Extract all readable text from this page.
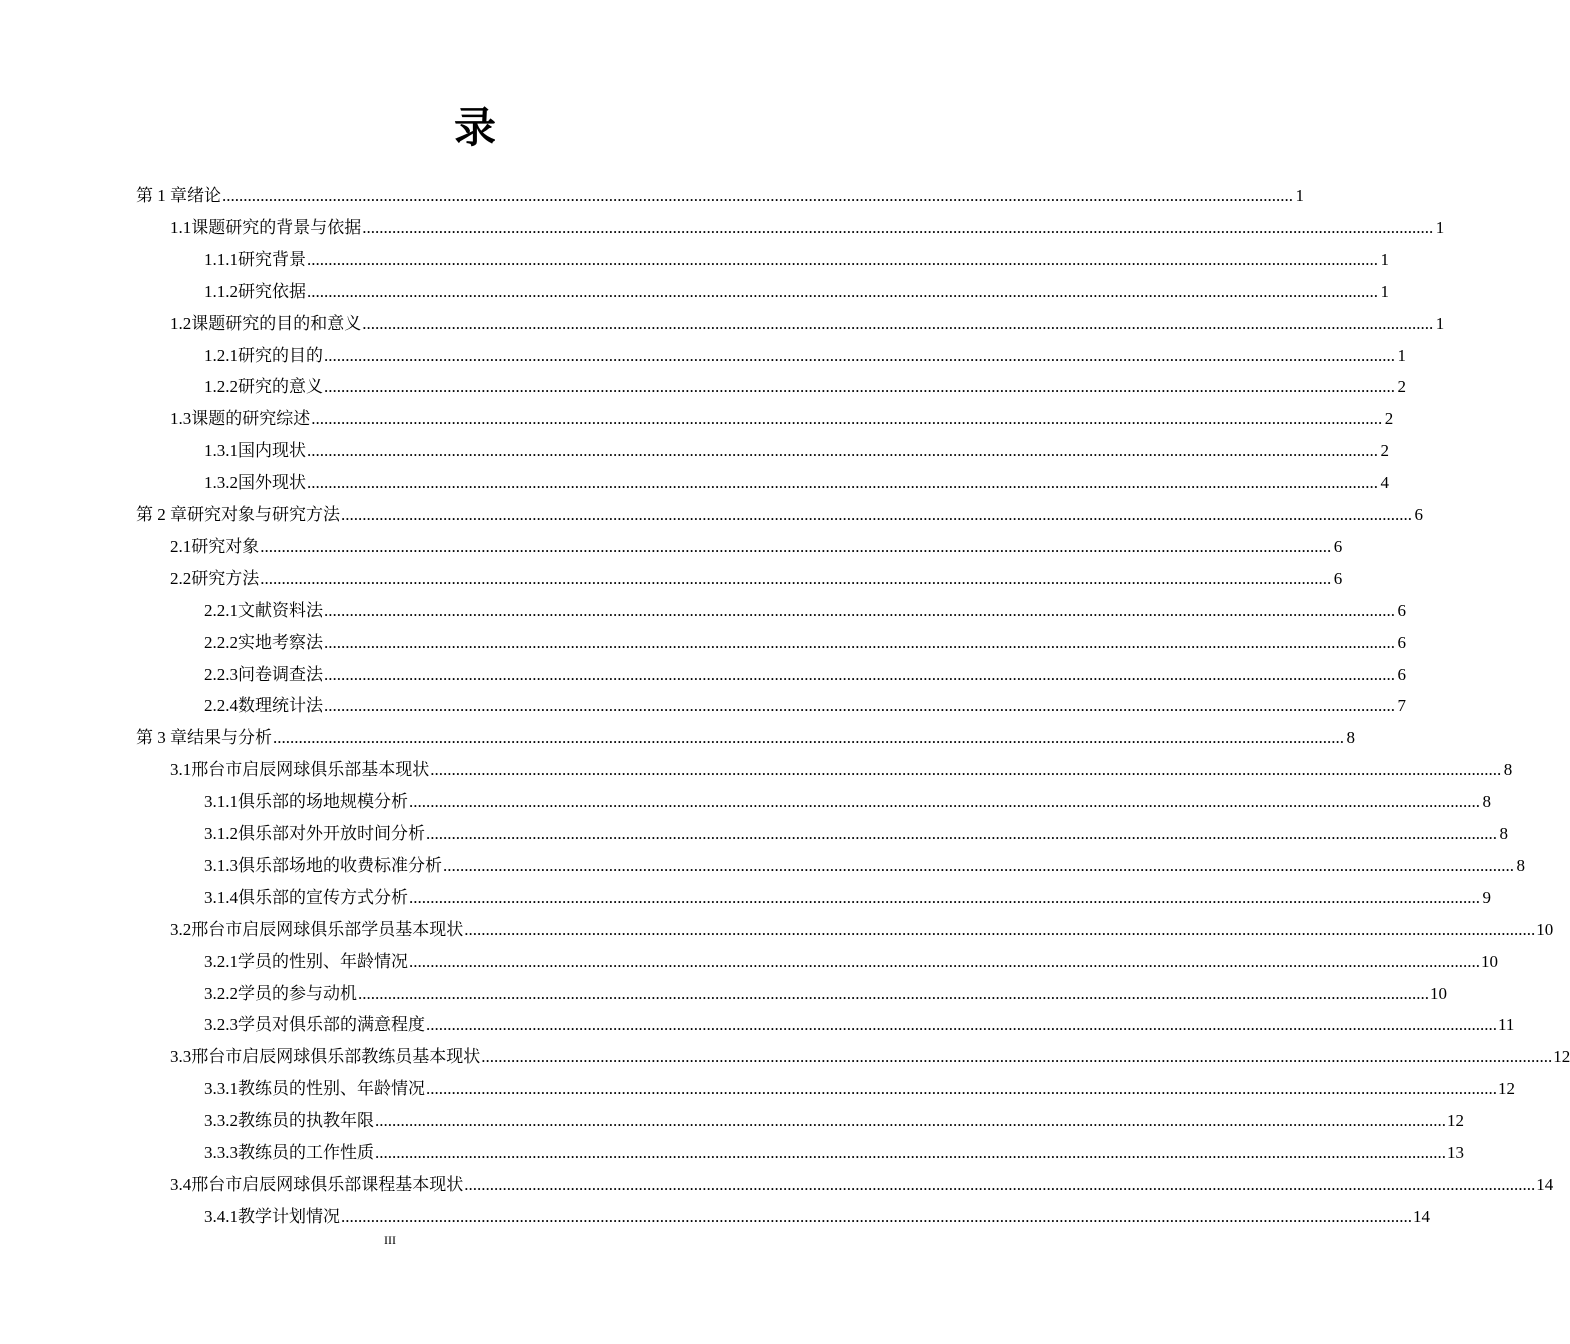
录
第 1 章 绪论 .....	1
1.1 课题研究的背景与依据 .....	1
1.1.1 研究背景 .....	1
1.1.2 研究依据 .....	1
1.2 课题研究的目的和意义 .....	1
1.2.1 研究的目的 .....	1
1.2.2 研究的意义 .....	2
1.3 课题的研究综述 .....	2
1.3.1 国内现状 .....	2
1.3.2 国外现状 .....	4
第 2 章 研究对象与研究方法 .....	6
2.1 研究对象 .....	6
2.2 研究方法 .....	6
2.2.1 文献资料法 .....	6
2.2.2 实地考察法 .....	6
2.2.3 问卷调查法 .....	6
2.2.4 数理统计法 .....	7
第 3 章 结果与分析 .....	8
3.1 邢台市启辰网球俱乐部基本现状 .....	8
3.1.1 俱乐部的场地规模分析 .....	8
3.1.2 俱乐部对外开放时间分析 .....	8
3.1.3 俱乐部场地的收费标准分析 .....	8
3.1.4 俱乐部的宣传方式分析 .....	9
3.2 邢台市启辰网球俱乐部学员基本现状 .....	10
3.2.1 学员的性别、年龄情况 .....	10
3.2.2 学员的参与动机 .....	10
3.2.3 学员对俱乐部的满意程度 .....	11
3.3 邢台市启辰网球俱乐部教练员基本现状 .....	12
3.3.1 教练员的性别、年龄情况 .....	12
3.3.2 教练员的执教年限 .....	12
3.3.3 教练员的工作性质 .....	13
3.4 邢台市启辰网球俱乐部课程基本现状 .....	14
3.4.1 教学计划情况 .....	14
III
